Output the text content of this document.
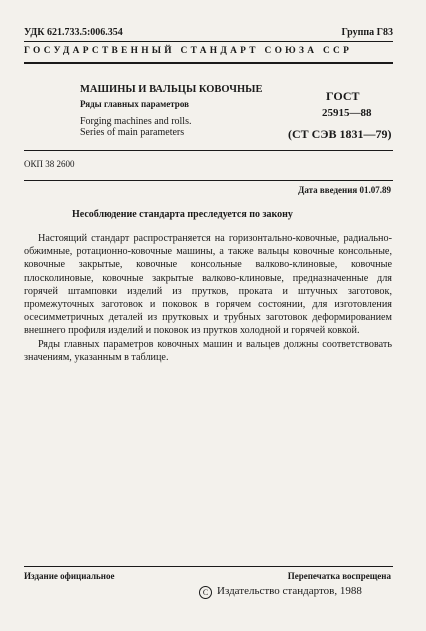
УДК 621.733.5:006.354	Группа Г83
ГОСУДАРСТВЕННЫЙ СТАНДАРТ СОЮЗА ССР
МАШИНЫ И ВАЛЬЦЫ КОВОЧНЫЕ
Ряды главных параметров
Forging machines and rolls.
Series of main parameters
ГОСТ
25915—88
(СТ СЭВ 1831—79)
ОКП 38 2600
Дата введения 01.07.89
Несоблюдение стандарта преследуется по закону

Настоящий стандарт распространяется на горизонтально-ковочные, радиально-обжимные, ротационно-ковочные машины, а также вальцы ковочные консольные, ковочные закрытые, ковочные консольные валково-клиновые, ковочные плосколиновые, ковочные закрытые валково-клиновые, предназначенные для горячей штамповки изделий из прутков, проката и штучных заготовок, промежуточных заготовок и поковок в горячем состоянии, для изготовления осесимметричных деталей из прутковых и трубных заготовок деформированием внешнего профиля изделий и поковок из прутков холодной и горячей ковкой.

Ряды главных параметров ковочных машин и вальцев должны соответствовать значениям, указанным в таблице.

Издание официальное	Перепечатка воспрещена
C Издательство стандартов, 1988
